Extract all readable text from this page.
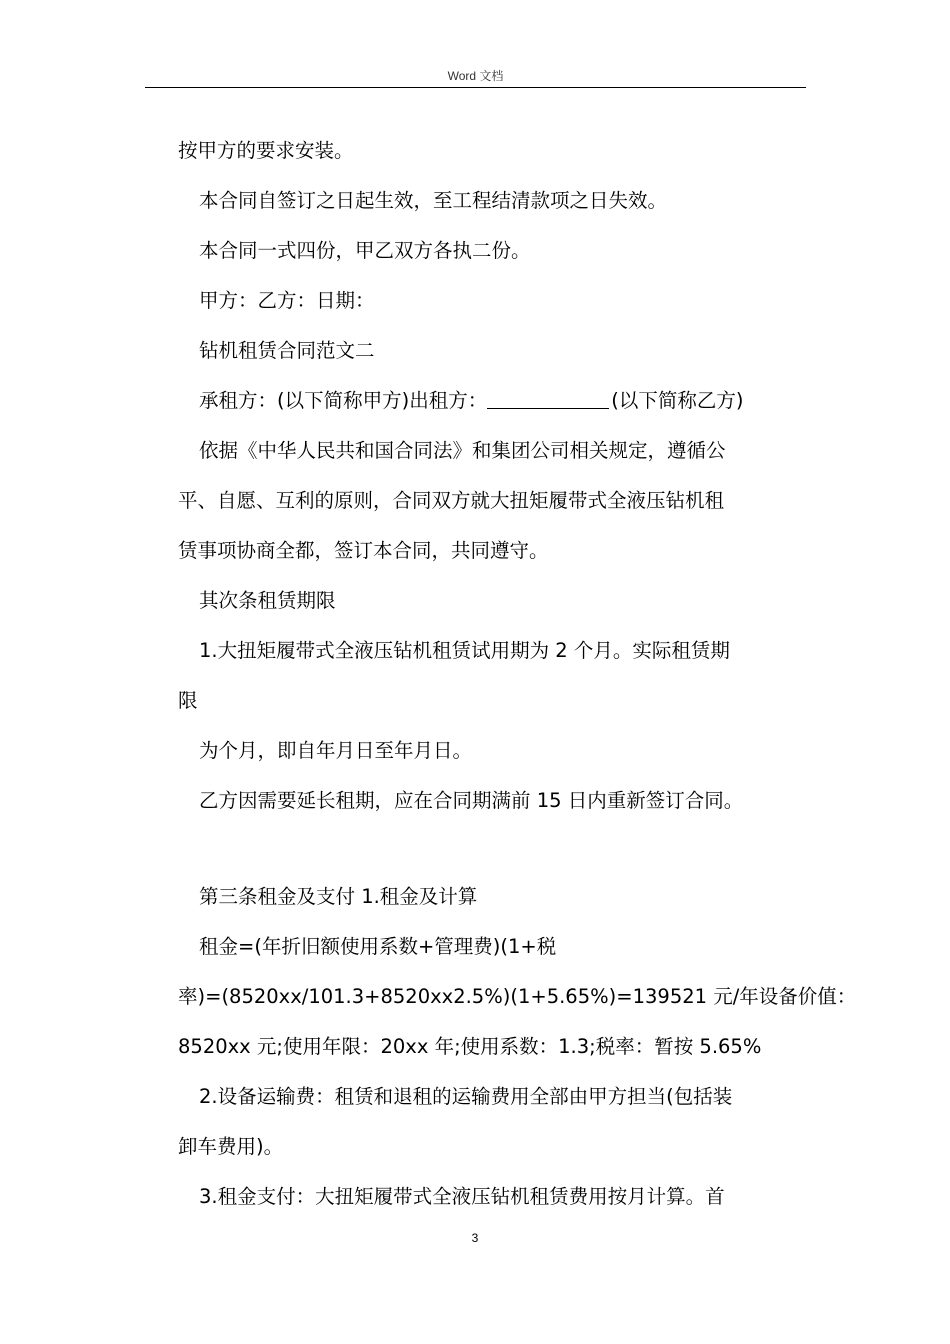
Word 文档
按甲方的要求安装。
本合同自签订之日起生效，至工程结清款项之日失效。
本合同一式四份，甲乙双方各执二份。
甲方：乙方：日期：
钻机租赁合同范文二
承租方：(以下简称甲方)出租方：	(以下简称乙方)
依据《中华人民共和国合同法》和集团公司相关规定，遵循公
平、自愿、互利的原则，合同双方就大扭矩履带式全液压钻机租
赁事项协商全都，签订本合同，共同遵守。
其次条租赁期限
1.大扭矩履带式全液压钻机租赁试用期为 2 个月。实际租赁期
限
为个月，即自年月日至年月日。
乙方因需要延长租期，应在合同期满前 15 日内重新签订合同。
第三条租金及支付 1.租金及计算
租金=(年折旧额使用系数+管理费)(1+税
率)=(8520xx/101.3+8520xx2.5%)(1+5.65%)=139521 元/年设备价值：
8520xx 元;使用年限：20xx 年;使用系数：1.3;税率：暂按 5.65%
2.设备运输费：租赁和退租的运输费用全部由甲方担当(包括装
卸车费用)。
3.租金支付：大扭矩履带式全液压钻机租赁费用按月计算。首
3
